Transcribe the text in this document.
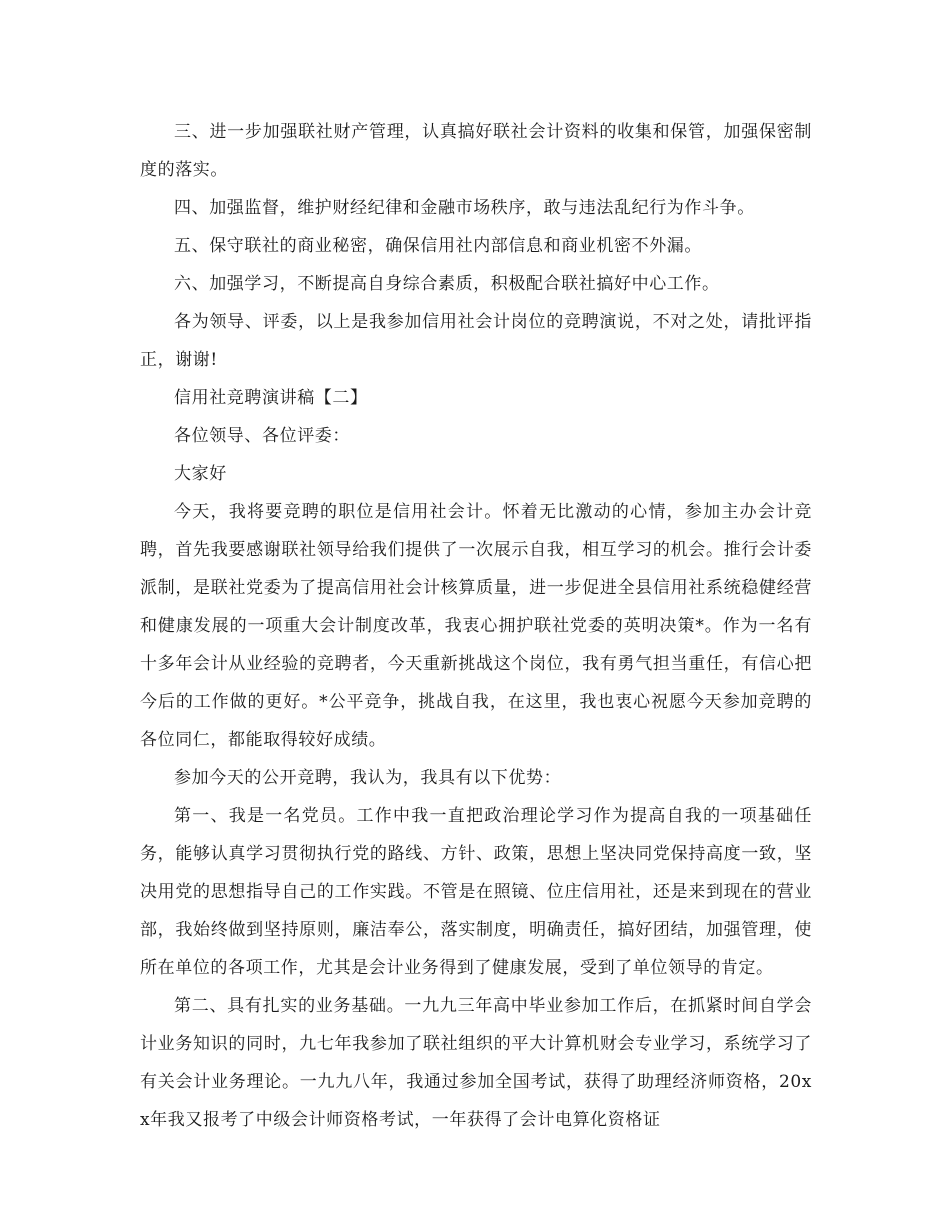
三、进一步加强联社财产管理，认真搞好联社会计资料的收集和保管，加强保密制度的落实。

四、加强监督，维护财经纪律和金融市场秩序，敢与违法乱纪行为作斗争。

五、保守联社的商业秘密，确保信用社内部信息和商业机密不外漏。

六、加强学习，不断提高自身综合素质，积极配合联社搞好中心工作。

各为领导、评委，以上是我参加信用社会计岗位的竞聘演说，不对之处，请批评指正，谢谢!

信用社竞聘演讲稿【二】

各位领导、各位评委：

大家好

今天，我将要竞聘的职位是信用社会计。怀着无比激动的心情，参加主办会计竞聘，首先我要感谢联社领导给我们提供了一次展示自我，相互学习的机会。推行会计委派制，是联社党委为了提高信用社会计核算质量，进一步促进全县信用社系统稳健经营和健康发展的一项重大会计制度改革，我衷心拥护联社党委的英明决策*。作为一名有十多年会计从业经验的竞聘者，今天重新挑战这个岗位，我有勇气担当重任，有信心把今后的工作做的更好。*公平竞争，挑战自我，在这里，我也衷心祝愿今天参加竞聘的各位同仁，都能取得较好成绩。

参加今天的公开竞聘，我认为，我具有以下优势：

第一、我是一名党员。工作中我一直把政治理论学习作为提高自我的一项基础任务，能够认真学习贯彻执行党的路线、方针、政策，思想上坚决同党保持高度一致，坚决用党的思想指导自己的工作实践。不管是在照镜、位庄信用社，还是来到现在的营业部，我始终做到坚持原则，廉洁奉公，落实制度，明确责任，搞好团结，加强管理，使所在单位的各项工作，尤其是会计业务得到了健康发展，受到了单位领导的肯定。

第二、具有扎实的业务基础。一九九三年高中毕业参加工作后，在抓紧时间自学会计业务知识的同时，九七年我参加了联社组织的平大计算机财会专业学习，系统学习了有关会计业务理论。一九九八年，我通过参加全国考试，获得了助理经济师资格，20xx年我又报考了中级会计师资格考试，一年获得了会计电算化资格证
